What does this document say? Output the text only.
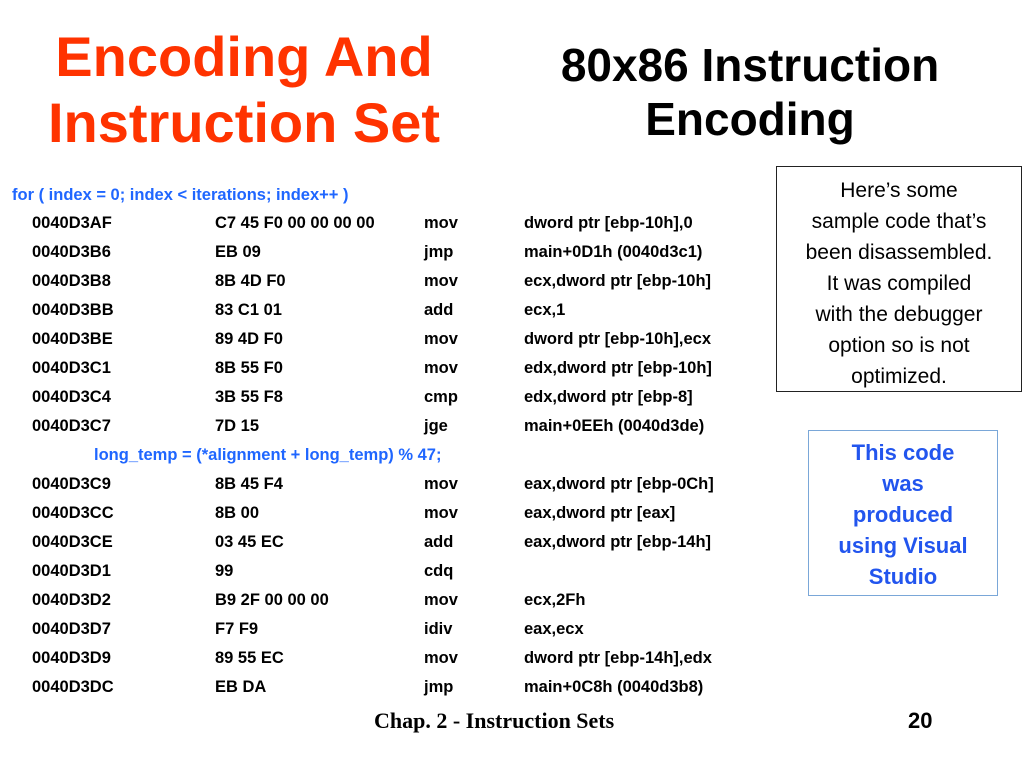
Encoding And
Instruction Set
80x86 Instruction
Encoding
for ( index = 0; index < iterations; index++ )
0040D3AF	C7 45 F0 00 00 00 00	mov	dword ptr [ebp-10h],0
0040D3B6	EB 09	jmp	main+0D1h (0040d3c1)
0040D3B8	8B 4D F0	mov	ecx,dword ptr [ebp-10h]
0040D3BB	83 C1 01	add	ecx,1
0040D3BE	89 4D F0	mov	dword ptr [ebp-10h],ecx
0040D3C1	8B 55 F0	mov	edx,dword ptr [ebp-10h]
0040D3C4	3B 55 F8	cmp	edx,dword ptr [ebp-8]
0040D3C7	7D 15	jge	main+0EEh (0040d3de)
long_temp = (*alignment + long_temp) % 47;
0040D3C9	8B 45 F4	mov	eax,dword ptr [ebp-0Ch]
0040D3CC	8B 00	mov	eax,dword ptr [eax]
0040D3CE	03 45 EC	add	eax,dword ptr [ebp-14h]
0040D3D1	99	cdq
0040D3D2	B9 2F 00 00 00	mov	ecx,2Fh
0040D3D7	F7 F9	idiv	eax,ecx
0040D3D9	89 55 EC	mov	dword ptr [ebp-14h],edx
0040D3DC	EB DA	jmp	main+0C8h (0040d3b8)
Here’s some
sample code that’s
been disassembled.
It was compiled
with the debugger
option so is not
optimized.
This code
was
produced
using Visual
Studio
Chap. 2 - Instruction Sets	20
